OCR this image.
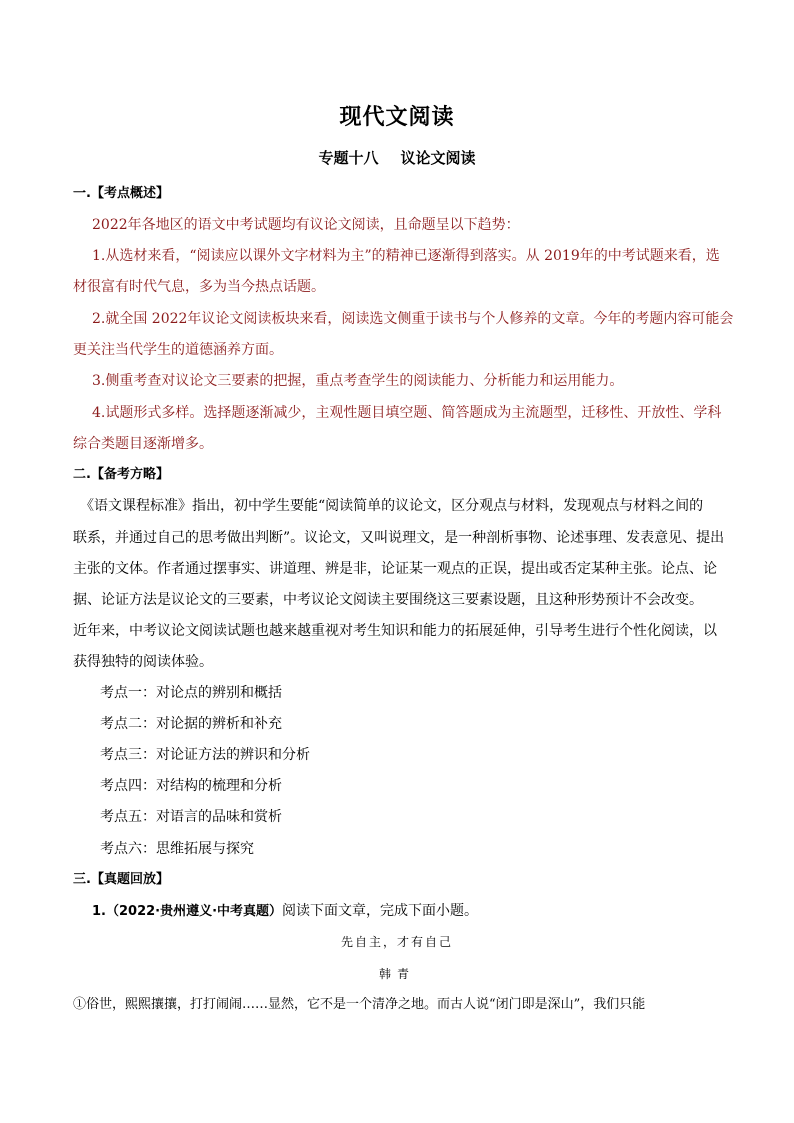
现代文阅读
专题十八 议论文阅读
一.【考点概述】
2022年各地区的语文中考试题均有议论文阅读，且命题呈以下趋势：
1.从选材来看，“阅读应以课外文字材料为主”的精神已逐渐得到落实。从 2019年的中考试题来看，选
材很富有时代气息，多为当今热点话题。
2.就全国 2022年议论文阅读板块来看，阅读选文侧重于读书与个人修养的文章。今年的考题内容可能会
更关注当代学生的道德涵养方面。
3.侧重考查对议论文三要素的把握，重点考查学生的阅读能力、分析能力和运用能力。
4.试题形式多样。选择题逐渐减少，主观性题目填空题、简答题成为主流题型，迁移性、开放性、学科
综合类题目逐渐增多。
二.【备考方略】
《语文课程标准》指出，初中学生要能“阅读简单的议论文，区分观点与材料，发现观点与材料之间的
联系，并通过自己的思考做出判断”。议论文，又叫说理文，是一种剖析事物、论述事理、发表意见、提出
主张的文体。作者通过摆事实、讲道理、辨是非，论证某一观点的正误，提出或否定某种主张。论点、论
据、论证方法是议论文的三要素，中考议论文阅读主要围绕这三要素设题，且这种形势预计不会改变。
近年来，中考议论文阅读试题也越来越重视对考生知识和能力的拓展延伸，引导考生进行个性化阅读，以
获得独特的阅读体验。
考点一：对论点的辨别和概括
考点二：对论据的辨析和补充
考点三：对论证方法的辨识和分析
考点四：对结构的梳理和分析
考点五：对语言的品味和赏析
考点六：思维拓展与探究
三.【真题回放】
1.（2022·贵州遵义·中考真题）阅读下面文章，完成下面小题。
先自主，才有自己
韩青
①俗世，熙熙攘攘，打打闹闹……显然，它不是一个清净之地。而古人说“闭门即是深山”，我们只能
